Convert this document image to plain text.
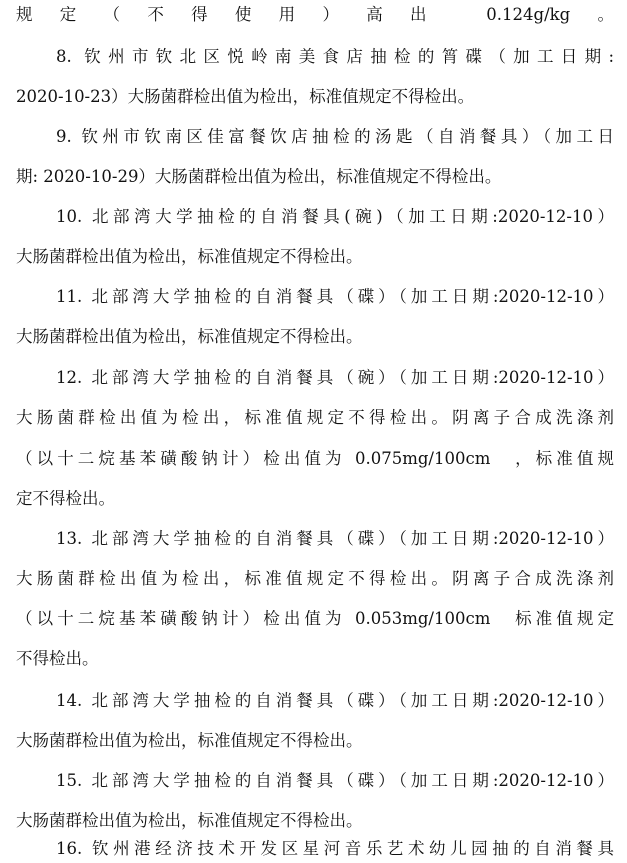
规定（不得使用）高出 0.124g/kg。
8. 钦州市钦北区悦岭南美食店抽检的筲碟（加工日期:
2020-10-23）大肠菌群检出值为检出，标准值规定不得检出。
9. 钦州市钦南区佳富餐饮店抽检的汤匙（自消餐具）（加工日
期: 2020-10-29）大肠菌群检出值为检出，标准值规定不得检出。
10. 北部湾大学抽检的自消餐具(碗)（加工日期:2020-12-10）
大肠菌群检出值为检出，标准值规定不得检出。
11. 北部湾大学抽检的自消餐具（碟）（加工日期:2020-12-10）
大肠菌群检出值为检出，标准值规定不得检出。
12. 北部湾大学抽检的自消餐具（碗）（加工日期:2020-12-10）
大肠菌群检出值为检出，标准值规定不得检出。阴离子合成洗涤剂
（以十二烷基苯磺酸钠计）检出值为 0.075mg/100cm　，标准值规
定不得检出。
13. 北部湾大学抽检的自消餐具（碟）（加工日期:2020-12-10）
大肠菌群检出值为检出，标准值规定不得检出。阴离子合成洗涤剂
（以十二烷基苯磺酸钠计）检出值为 0.053mg/100cm　标准值规定
不得检出。
14. 北部湾大学抽检的自消餐具（碟）（加工日期:2020-12-10）
大肠菌群检出值为检出，标准值规定不得检出。
15. 北部湾大学抽检的自消餐具（碟）（加工日期:2020-12-10）
大肠菌群检出值为检出，标准值规定不得检出。
16. 钦州港经济技术开发区星河音乐艺术幼儿园抽的自消餐具
